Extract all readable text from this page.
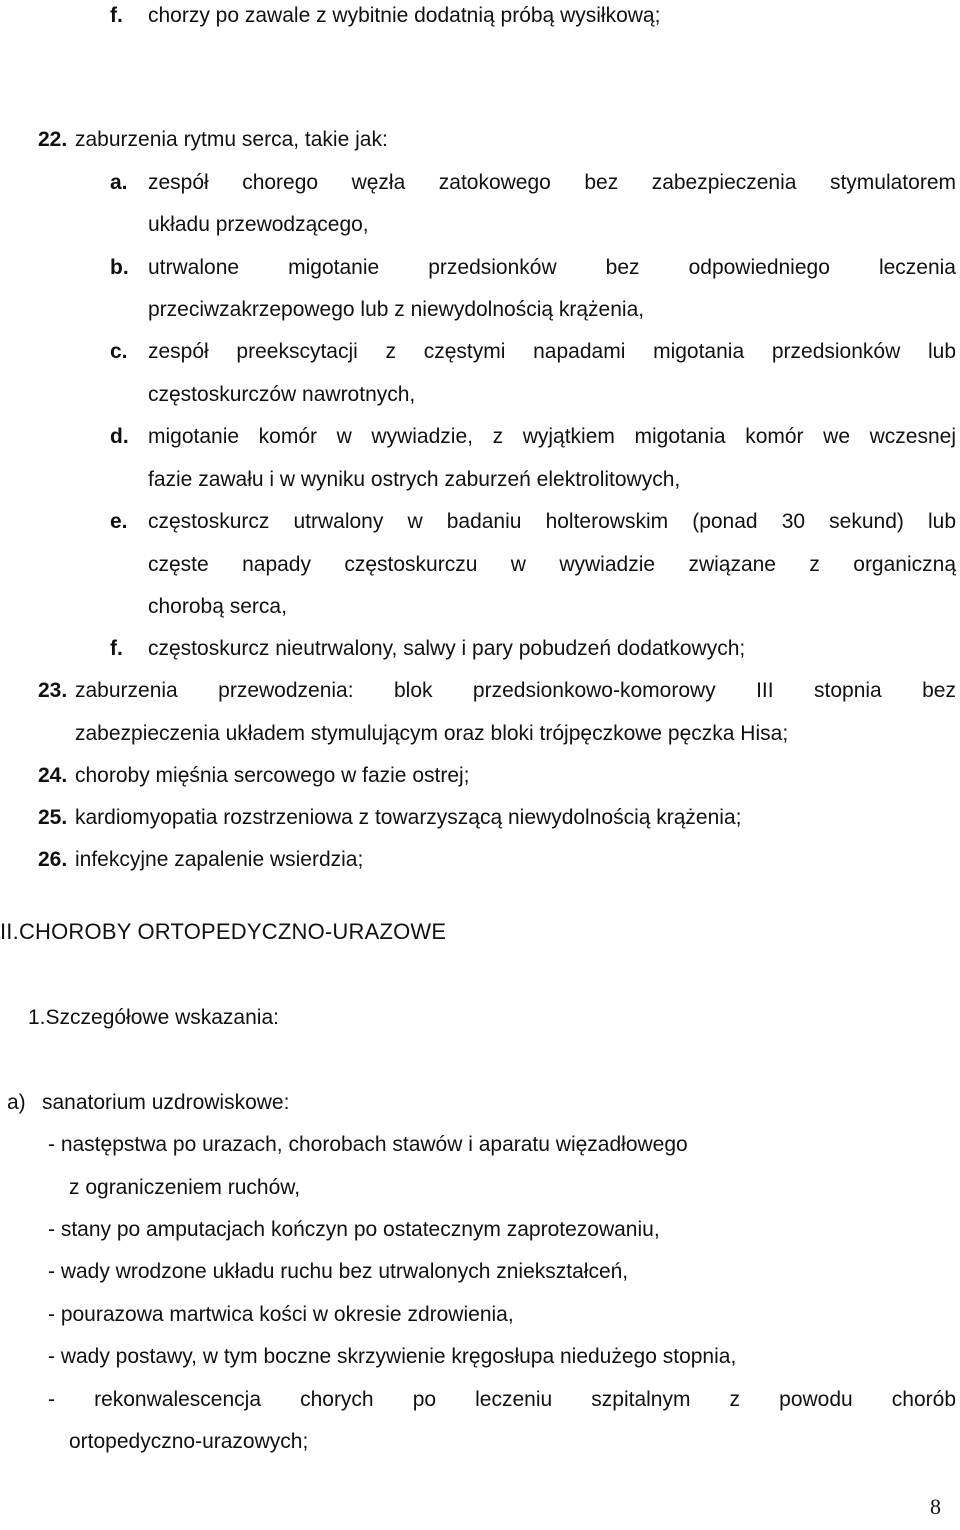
f. chorzy po zawale z wybitnie dodatnią próbą wysiłkową;
22. zaburzenia rytmu serca, takie jak:
a. zespół chorego węzła zatokowego bez zabezpieczenia stymulatorem
układu przewodzącego,
b. utrwalone migotanie przedsionków bez odpowiedniego leczenia
przeciwzakrzepowego lub z niewydolnością krążenia,
c. zespół preekscytacji z częstymi napadami migotania przedsionków lub
częstoskurczów nawrotnych,
d. migotanie komór w wywiadzie, z wyjątkiem migotania komór we wczesnej
fazie zawału i w wyniku ostrych zaburzeń elektrolitowych,
e. częstoskurcz utrwalony w badaniu holterowskim (ponad 30 sekund) lub
częste napady częstoskurczu w wywiadzie związane z organiczną
chorobą serca,
f. częstoskurcz nieutrwalony, salwy i pary pobudzeń dodatkowych;
23. zaburzenia przewodzenia: blok przedsionkowo-komorowy III stopnia bez
zabezpieczenia układem stymulującym oraz bloki trójpęczkowe pęczka Hisa;
24. choroby mięśnia sercowego w fazie ostrej;
25. kardiomyopatia rozstrzeniowa z towarzyszącą niewydolnością krążenia;
26. infekcyjne zapalenie wsierdzia;
II.CHOROBY ORTOPEDYCZNO-URAZOWE
1.Szczegółowe wskazania:
a) sanatorium uzdrowiskowe:
- następstwa po urazach, chorobach stawów i aparatu więzadłowego
z ograniczeniem ruchów,
- stany po amputacjach kończyn po ostatecznym zaprotezowaniu,
- wady wrodzone układu ruchu bez utrwalonych zniekształceń,
- pourazowa martwica kości w okresie zdrowienia,
- wady postawy, w tym boczne skrzywienie kręgosłupa niedużego stopnia,
- rekonwalescencja chorych po leczeniu szpitalnym z powodu chorób
ortopedyczno-urazowych;
8
